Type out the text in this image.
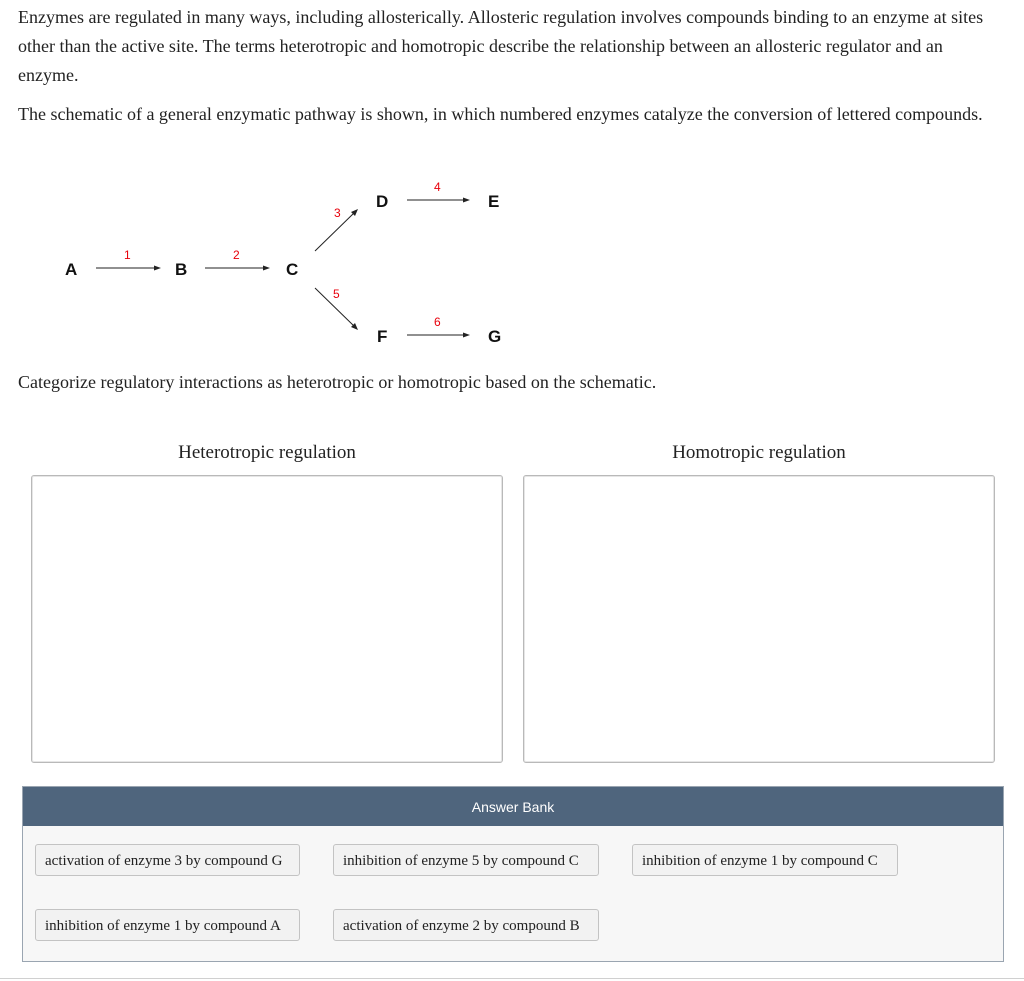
Enzymes are regulated in many ways, including allosterically. Allosteric regulation involves compounds binding to an enzyme at sites other than the active site. The terms heterotropic and homotropic describe the relationship between an allosteric regulator and an enzyme.

The schematic of a general enzymatic pathway is shown, in which numbered enzymes catalyze the conversion of lettered compounds.

A	B	C
D	E
F	G
1	2
3
4
5
6

Categorize regulatory interactions as heterotropic or homotropic based on the schematic.

Heterotropic regulation	Homotropic regulation
Answer Bank
activation of enzyme 3 by compound G	inhibition of enzyme 5 by compound C	inhibition of enzyme 1 by compound C
inhibition of enzyme 1 by compound A	activation of enzyme 2 by compound B
